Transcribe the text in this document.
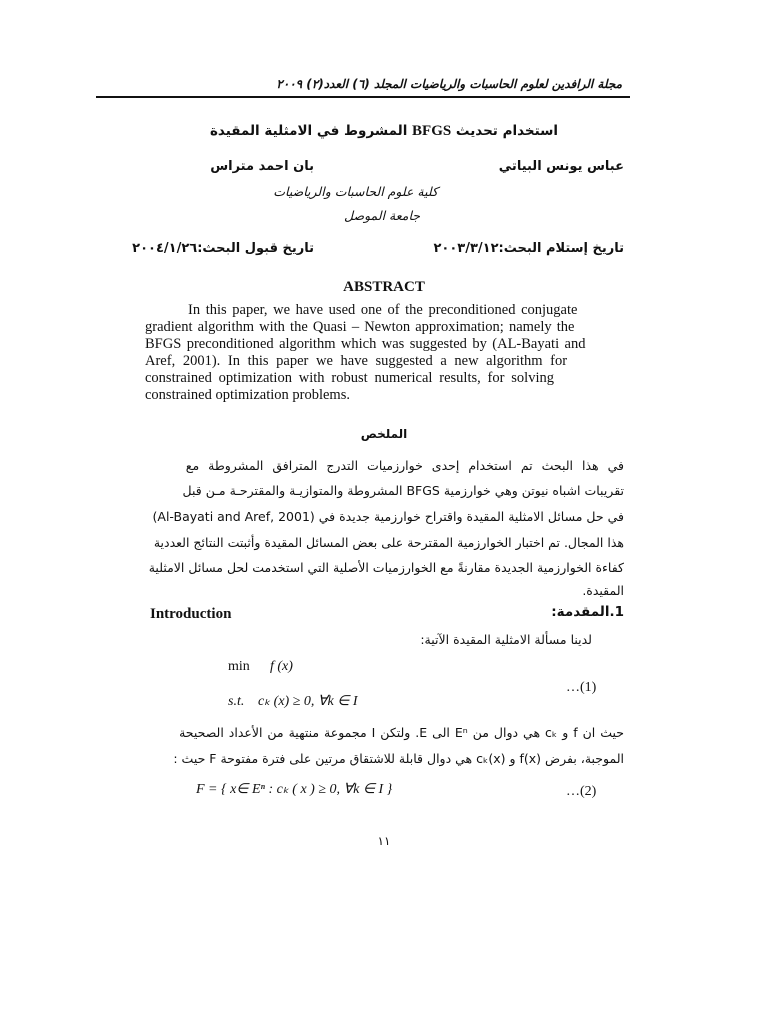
مجلة الرافدين لعلوم الحاسبات والرياضيات المجلد (٦) العدد(٢) ٢٠٠٩
استخدام تحديث BFGS المشروط في الامثلية المقيدة
عباس يونس البياتي
بان احمد متراس
كلية علوم الحاسبات والرياضيات
جامعة الموصل
تاريخ إستلام البحث:٢٠٠٣/٣/١٢
تاريخ قبول البحث:٢٠٠٤/١/٢٦
ABSTRACT
In this paper, we have used one of the preconditioned conjugate
gradient algorithm with the Quasi – Newton approximation; namely the
BFGS preconditioned algorithm which was suggested by (AL-Bayati and
Aref, 2001). In this paper we have suggested a new algorithm for
constrained optimization with robust numerical results, for solving
constrained optimization problems.
الملخص
في هذا البحث تم استخدام إحدى خوارزميات التدرج المترافق المشروطة مع
تقريبات اشباه نيوتن وهي خوارزمية BFGS المشروطة والمتوازيـة والمقترحـة مـن قبل
(Al-Bayati and Aref, 2001) في حل مسائل الامثلية المقيدة واقتراح خوارزمية جديدة في
هذا المجال. تم اختبار الخوارزمية المقترحة على بعض المسائل المقيدة وأثبتت النتائج العددية
كفاءة الخوارزمية الجديدة مقارنةً مع الخوارزميات الأصلية التي استخدمت لحل مسائل الامثلية
المقيدة.
Introduction	1.المقدمة:
لدينا مسألة الامثلية المقيدة الآتية:
min f (x)
s.t. cₖ (x) ≥ 0, ∀k ∈ I
…(1)
حيث ان f و cₖ هي دوال من Eⁿ الى E. ولتكن I مجموعة منتهية من الأعداد الصحيحة
الموجبة، بفرض f(x) و cₖ(x) هي دوال قابلة للاشتقاق مرتين على فترة مفتوحة F حيث :
F = { x∈ Eⁿ : cₖ ( x ) ≥ 0, ∀k ∈ I }	…(2)
١١
